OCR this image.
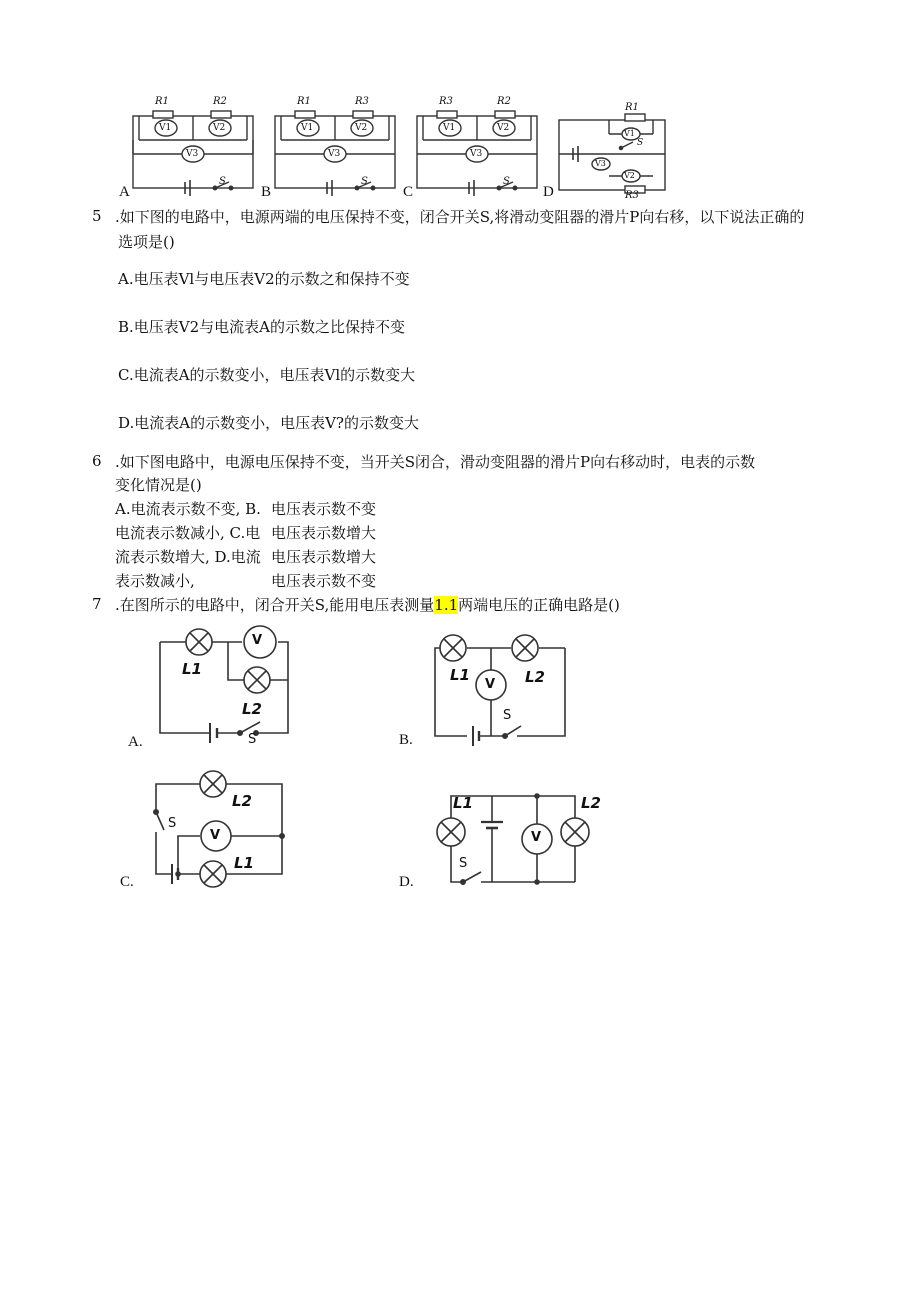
R1	R2
V1	V2
V3
S
R1	R3
V1	V2
V3
S
R3	R2
V1	V2
V3
S
R1
R3
V1
V3
V2
S
A	B	C	D
5 .如下图的电路中，电源两端的电压保持不变，闭合开关S,将滑动变阻器的滑片P向右移，以下说法正确的
选项是()
A.电压表Vl与电压表V2的示数之和保持不变
B.电压表V2与电流表A的示数之比保持不变
C.电流表A的示数变小，电压表Vl的示数变大
D.电流表A的示数变小，电压表V?的示数变大
6 .如下图电路中，电源电压保持不变，当开关S闭合，滑动变阻器的滑片P向右移动时，电表的示数
变化情况是()
A.电流表示数不变, B.
电流表示数减小, C.电
流表示数增大, D.电流
表示数减小,
电压表示数不变
电压表示数增大
电压表示数增大
电压表示数不变
7 .在图所示的电路中，闭合开关S,能用电压表测量1.1两端电压的正确电路是()
V
L1
L2
S
A.
V
L1	L2
S
B.
V
L1
L2
S
C.
V
L1	L2
S
D.
